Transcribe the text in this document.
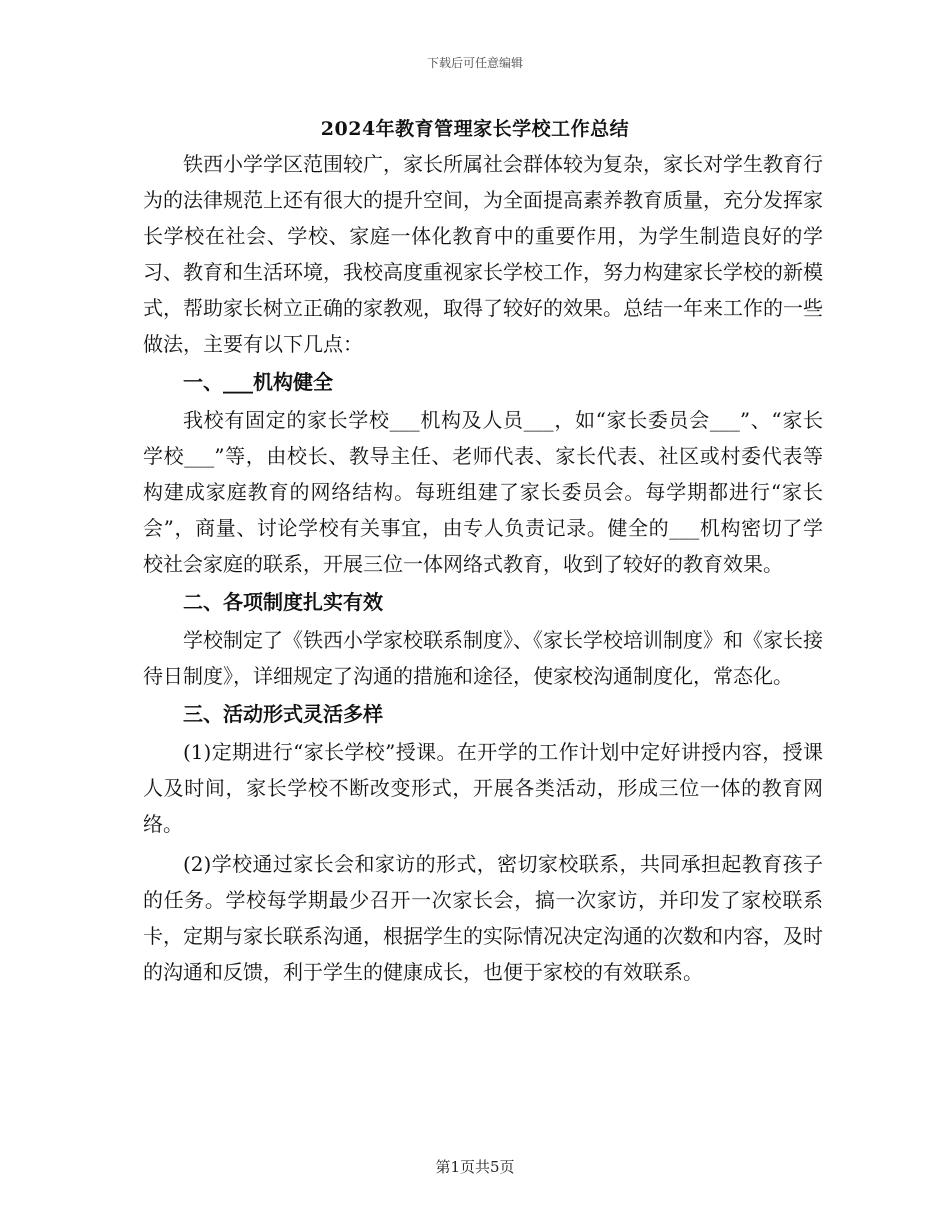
下载后可任意编辑
2024年教育管理家长学校工作总结

铁西小学学区范围较广，家长所属社会群体较为复杂，家长对学生教育行为的法律规范上还有很大的提升空间，为全面提高素养教育质量，充分发挥家长学校在社会、学校、家庭一体化教育中的重要作用，为学生制造良好的学习、教育和生活环境，我校高度重视家长学校工作，努力构建家长学校的新模式，帮助家长树立正确的家教观，取得了较好的效果。总结一年来工作的一些做法，主要有以下几点：

一、___机构健全

我校有固定的家长学校___机构及人员___，如“家长委员会___”、“家长学校___”等，由校长、教导主任、老师代表、家长代表、社区或村委代表等构建成家庭教育的网络结构。每班组建了家长委员会。每学期都进行“家长会”，商量、讨论学校有关事宜，由专人负责记录。健全的___机构密切了学校社会家庭的联系，开展三位一体网络式教育，收到了较好的教育效果。

二、各项制度扎实有效

学校制定了《铁西小学家校联系制度》、《家长学校培训制度》和《家长接待日制度》，详细规定了沟通的措施和途径，使家校沟通制度化，常态化。

三、活动形式灵活多样

(1)定期进行“家长学校”授课。在开学的工作计划中定好讲授内容，授课人及时间，家长学校不断改变形式，开展各类活动，形成三位一体的教育网络。

(2)学校通过家长会和家访的形式，密切家校联系，共同承担起教育孩子的任务。学校每学期最少召开一次家长会，搞一次家访，并印发了家校联系卡，定期与家长联系沟通，根据学生的实际情况决定沟通的次数和内容，及时的沟通和反馈，利于学生的健康成长，也便于家校的有效联系。

第1页共5页
